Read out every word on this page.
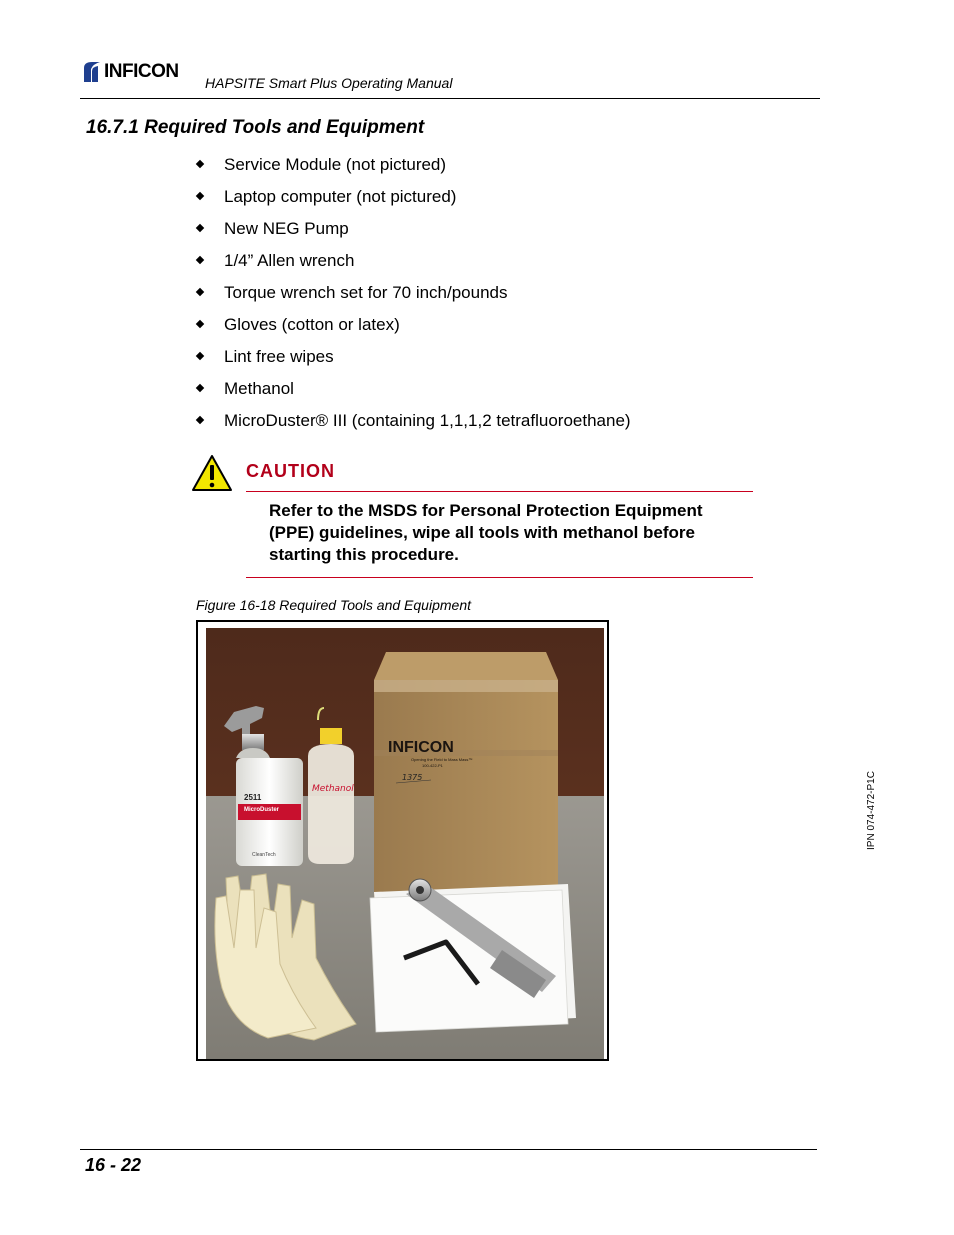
INFICON
HAPSITE Smart Plus Operating Manual
16.7.1 Required Tools and Equipment
Service Module (not pictured)
Laptop computer (not pictured)
New NEG Pump
1/4” Allen wrench
Torque wrench set for 70 inch/pounds
Gloves (cotton or latex)
Lint free wipes
Methanol
MicroDuster® III (containing 1,1,1,2 tetrafluoroethane)
CAUTION
Refer to the MSDS for Personal Protection Equipment (PPE) guidelines, wipe all tools with methanol before starting this procedure.
Figure 16-18 Required Tools and Equipment
INFICON
Opening the Field to Mass Mass™
100-422-P1
1375
2511
MicroDuster
CleanTech
Methanol	IPN 074-472-P1C
16 - 22
